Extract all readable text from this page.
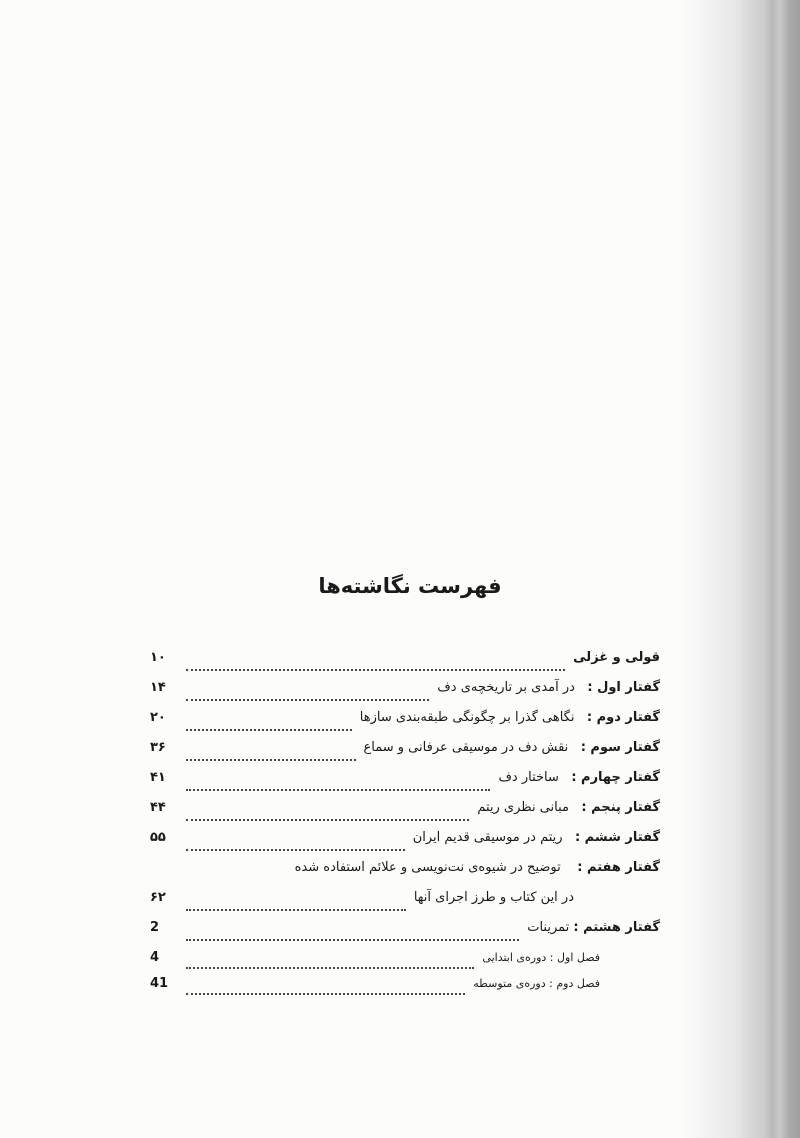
فهرست نگاشته‌ها
قولی و غزلی
۱۰
گفتار اول :   در آمدی بر تاریخچه‌ی دف
۱۴
گفتار دوم :   نگاهی گذرا بر چگونگی طبقه‌بندی سازها
۲۰
گفتار سوم :   نقش دف در موسیقی عرفانی و سماع
۳۶
گفتار چهارم :   ساختار دف
۴۱
گفتار پنجم :   مبانی نظری ریتم
۴۴
گفتار ششم :   ریتم در موسیقی قدیم ایران
۵۵
گفتار هفتم :    توضیح در شیوه‌ی نت‌نویسی و علائم استفاده شده
در این کتاب و طرز اجرای آنها
۶۲
گفتار هشتم : تمرینات
2
فصل اول : دوره‌ی ابتدایی
4
فصل دوم : دوره‌ی متوسطه
41
